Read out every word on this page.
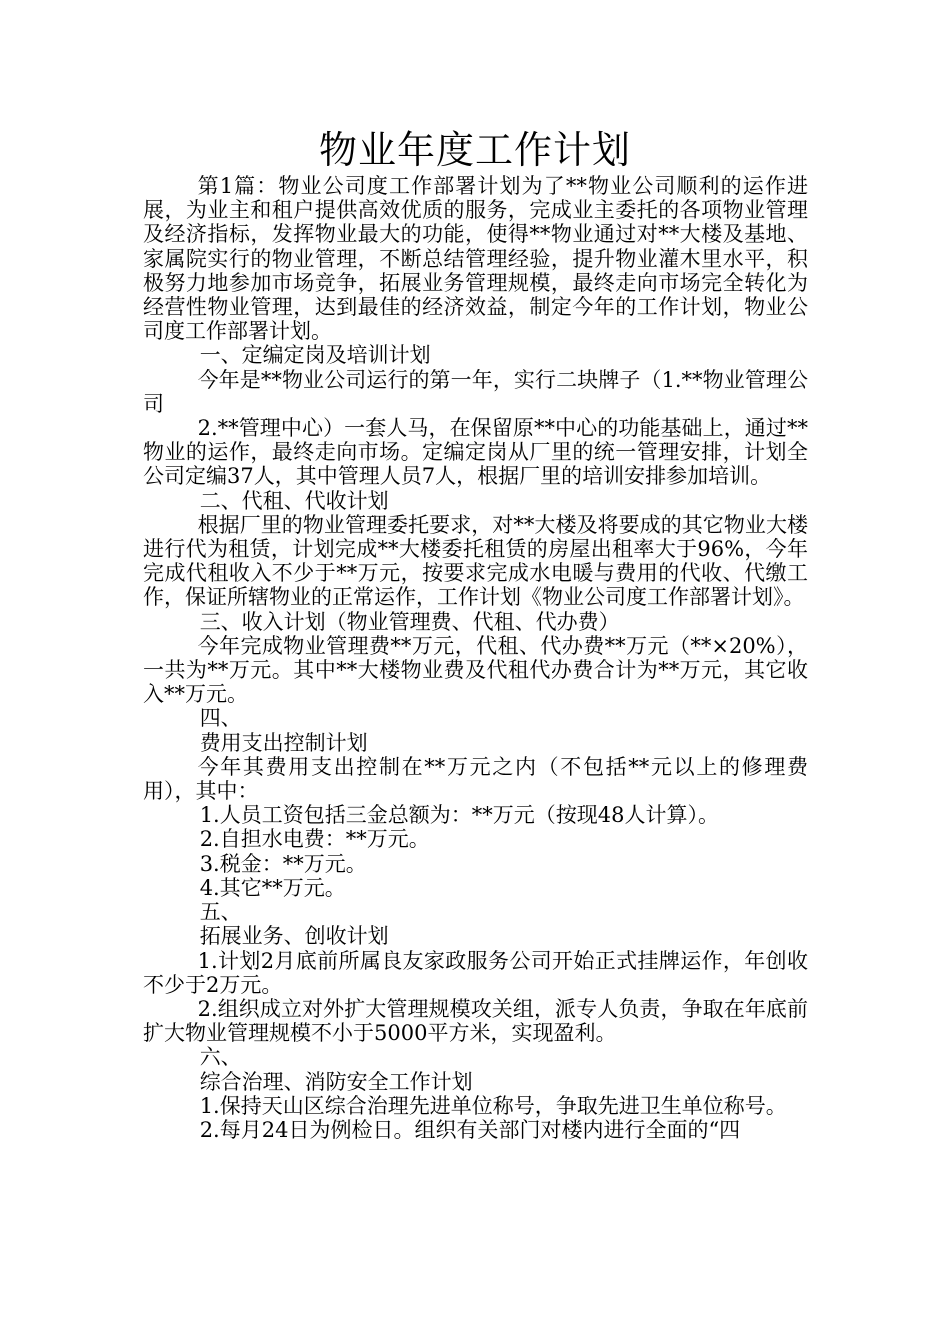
物业年度工作计划

第1篇：物业公司度工作部署计划为了**物业公司顺利的运作进展，为业主和租户提供高效优质的服务，完成业主委托的各项物业管理及经济指标，发挥物业最大的功能，使得**物业通过对**大楼及基地、家属院实行的物业管理，不断总结管理经验，提升物业灌木里水平，积极努力地参加市场竞争，拓展业务管理规模，最终走向市场完全转化为经营性物业管理，达到最佳的经济效益，制定今年的工作计划，物业公司度工作部署计划。

一、定编定岗及培训计划

今年是**物业公司运行的第一年，实行二块牌子（1.**物业管理公司

2.**管理中心）一套人马，在保留原**中心的功能基础上，通过**物业的运作，最终走向市场。定编定岗从厂里的统一管理安排，计划全公司定编37人，其中管理人员7人，根据厂里的培训安排参加培训。

二、代租、代收计划

根据厂里的物业管理委托要求，对**大楼及将要成的其它物业大楼进行代为租赁，计划完成**大楼委托租赁的房屋出租率大于96%，今年完成代租收入不少于**万元，按要求完成水电暖与费用的代收、代缴工作，保证所辖物业的正常运作，工作计划《物业公司度工作部署计划》。

三、收入计划（物业管理费、代租、代办费）

今年完成物业管理费**万元，代租、代办费**万元（**×20%），一共为**万元。其中**大楼物业费及代租代办费合计为**万元，其它收入**万元。

四、

费用支出控制计划

今年其费用支出控制在**万元之内（不包括**元以上的修理费用），其中：

1.人员工资包括三金总额为：**万元（按现48人计算）。

2.自担水电费：**万元。

3.税金：**万元。

4.其它**万元。

五、

拓展业务、创收计划

1.计划2月底前所属良友家政服务公司开始正式挂牌运作，年创收不少于2万元。

2.组织成立对外扩大管理规模攻关组，派专人负责，争取在年底前扩大物业管理规模不小于5000平方米，实现盈利。

六、

综合治理、消防安全工作计划

1.保持天山区综合治理先进单位称号，争取先进卫生单位称号。

2.每月24日为例检日。组织有关部门对楼内进行全面的“四
